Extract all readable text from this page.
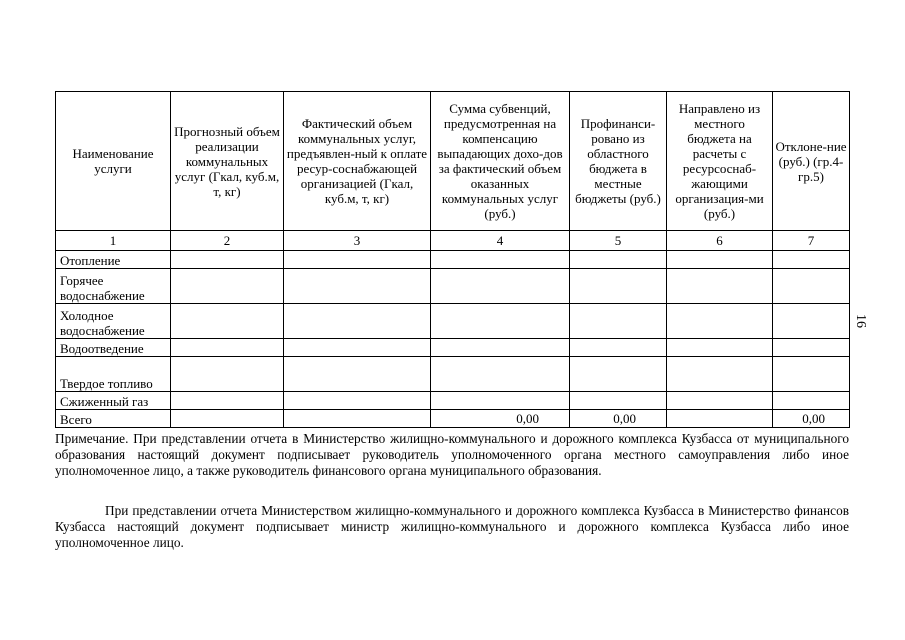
Наименование услуги	Прогнозный объем реализации коммунальных услуг (Гкал, куб.м, т, кг)	Фактический объем коммунальных услуг, предъявлен-ный к оплате ресур-соснабжающей организацией (Гкал, куб.м, т, кг)	Сумма субвенций, предусмотренная на компенсацию выпадающих дохо-дов за фактический объем оказанных коммунальных услуг (руб.)	Профинанси-ровано из областного бюджета в местные бюджеты (руб.)	Направлено из местного бюджета на расчеты с ресурсоснаб-жающими организация-ми (руб.)	Отклоне-ние (руб.) (гр.4-гр.5)
1	2	3	4	5	6	7
Отопление						
Горячее водоснабжение						
Холодное водоснабжение						
Водоотведение						
Твердое топливо						
Сжиженный газ						
Всего			0,00	0,00		0,00
16

Примечание. При представлении отчета в Министерство жилищно-коммунального и дорожного комплекса Кузбасса от муниципального образования настоящий документ подписывает руководитель уполномоченного органа местного самоуправления либо иное уполномоченное лицо, а также руководитель финансового органа муниципального образования.

При представлении отчета Министерством жилищно-коммунального и дорожного комплекса Кузбасса в Министерство финансов Кузбасса настоящий документ подписывает министр жилищно-коммунального и дорожного комплекса Кузбасса либо иное уполномоченное лицо.
